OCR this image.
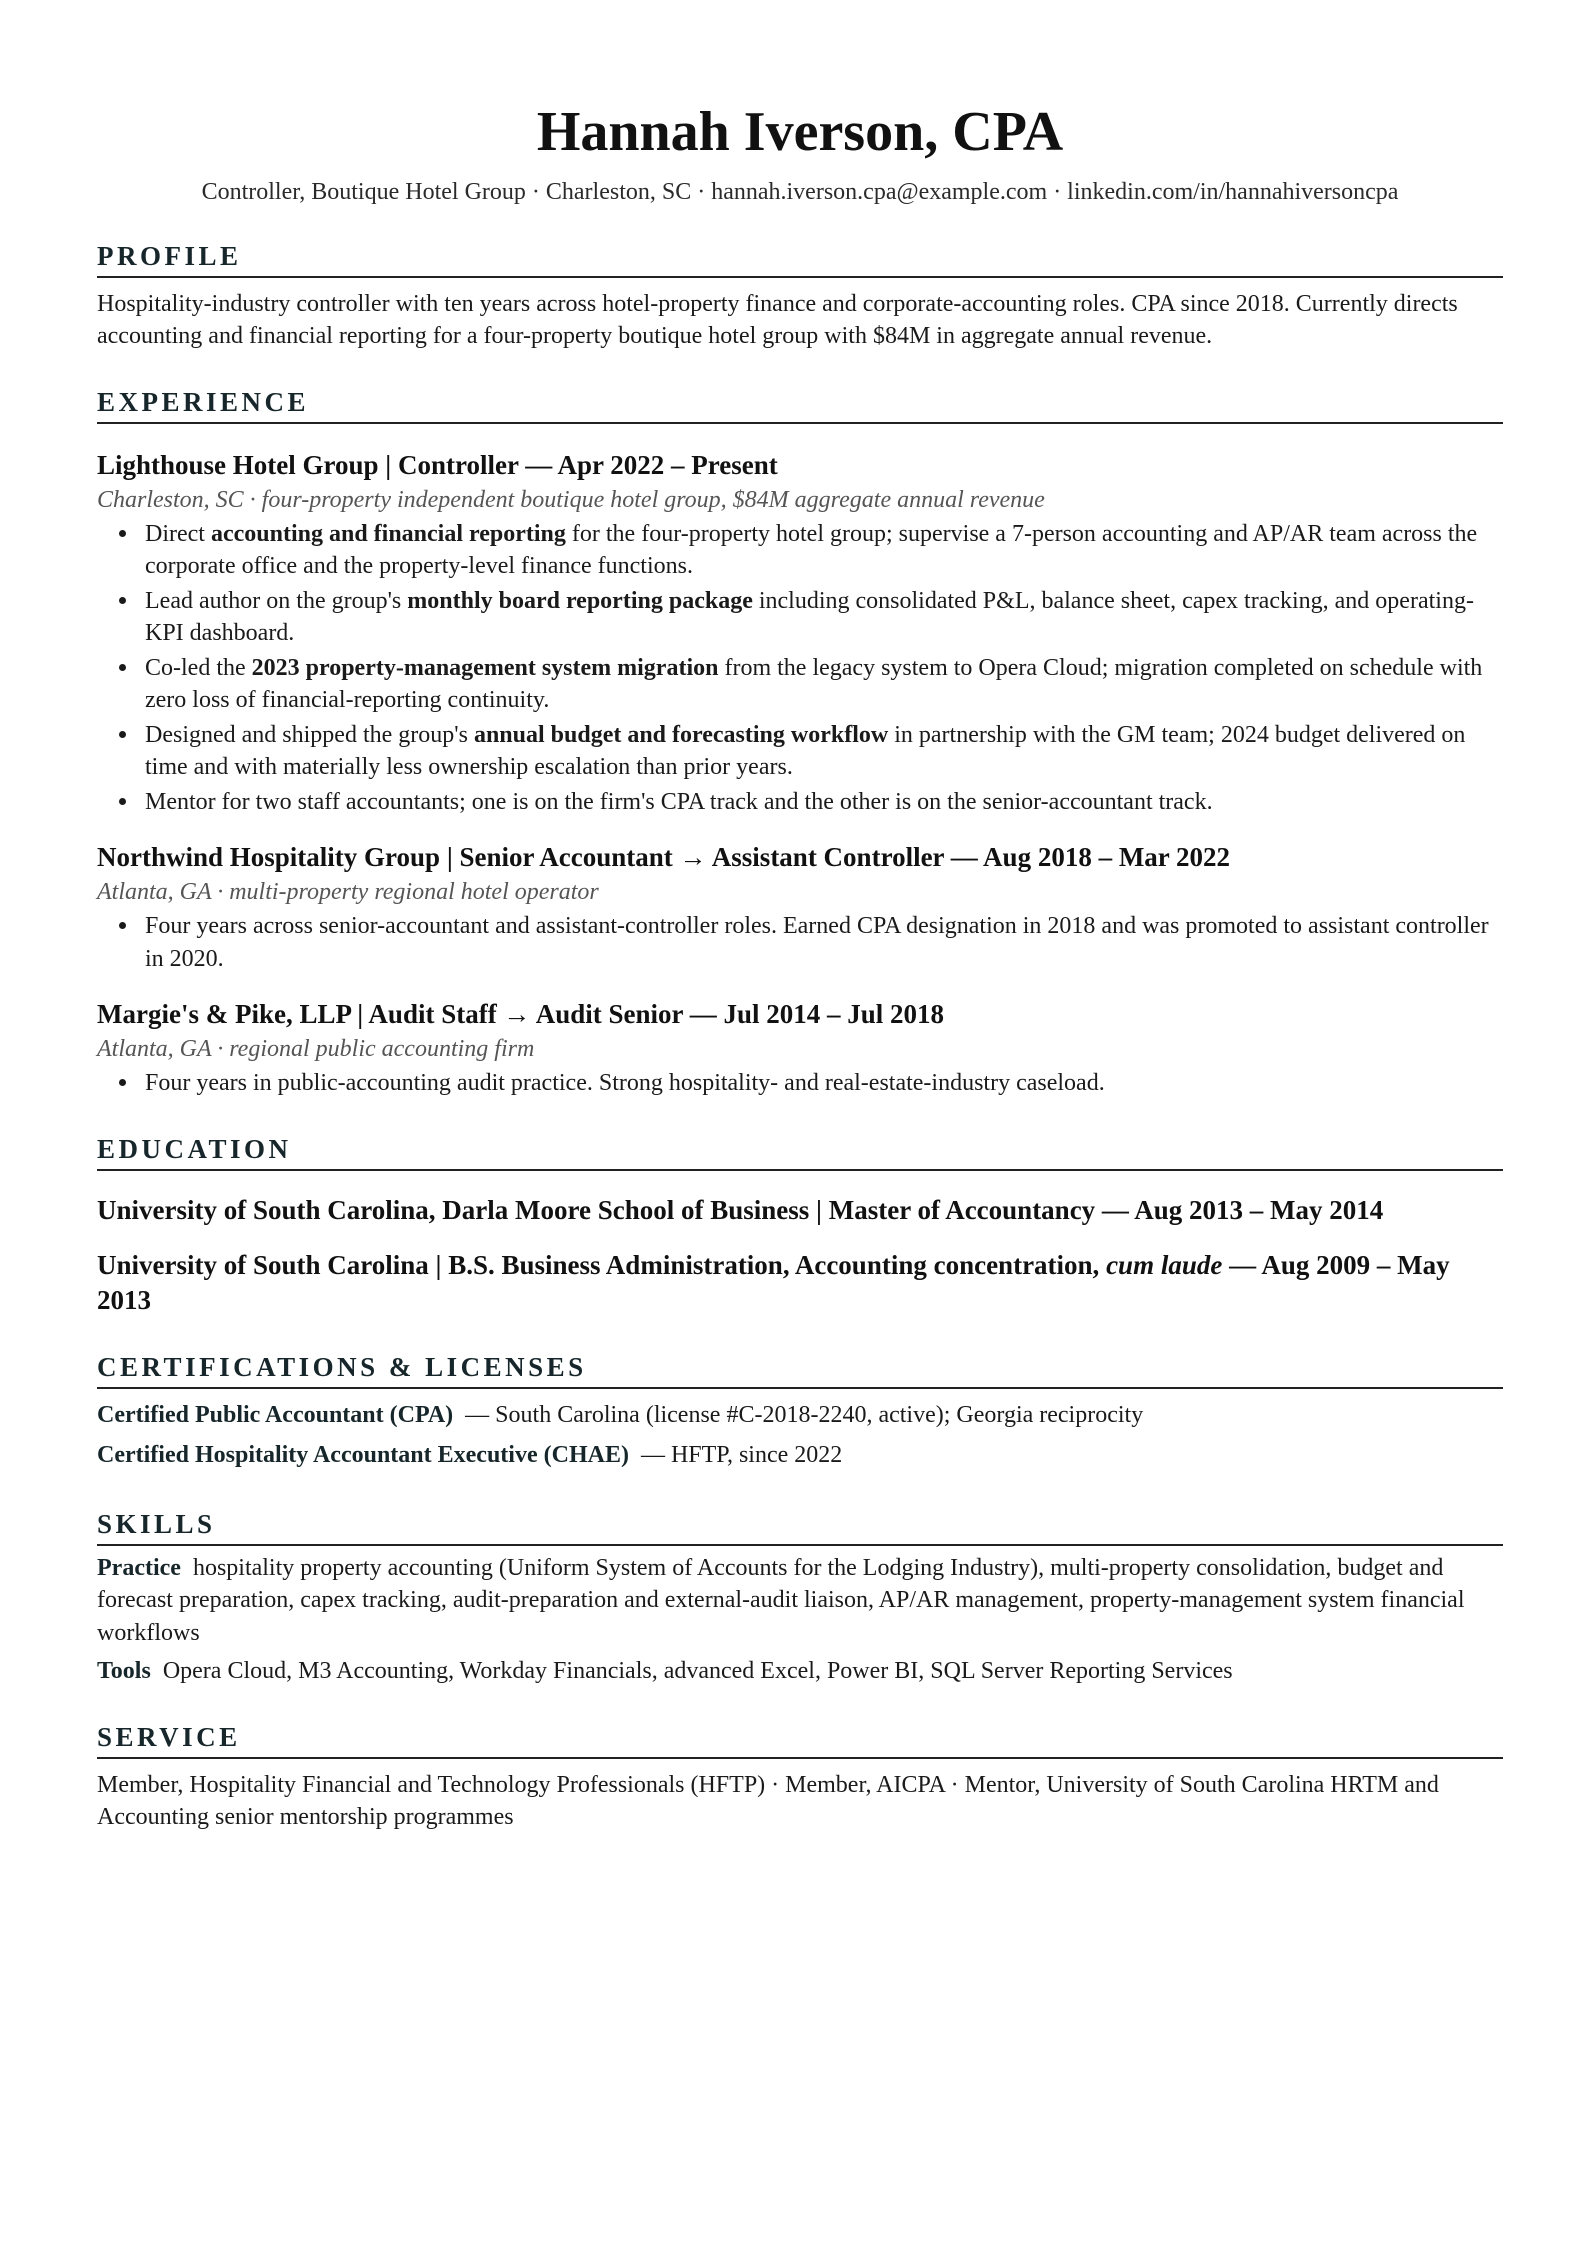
Hannah Iverson, CPA
Controller, Boutique Hotel Group · Charleston, SC · hannah.iverson.cpa@example.com · linkedin.com/in/hannahiversoncpa
PROFILE
Hospitality-industry controller with ten years across hotel-property finance and corporate-accounting roles. CPA since 2018. Currently directs accounting and financial reporting for a four-property boutique hotel group with $84M in aggregate annual revenue.
EXPERIENCE
Lighthouse Hotel Group | Controller — Apr 2022 – Present
Charleston, SC · four-property independent boutique hotel group, $84M aggregate annual revenue
Direct accounting and financial reporting for the four-property hotel group; supervise a 7-person accounting and AP/AR team across the corporate office and the property-level finance functions.
Lead author on the group's monthly board reporting package including consolidated P&L, balance sheet, capex tracking, and operating-KPI dashboard.
Co-led the 2023 property-management system migration from the legacy system to Opera Cloud; migration completed on schedule with zero loss of financial-reporting continuity.
Designed and shipped the group's annual budget and forecasting workflow in partnership with the GM team; 2024 budget delivered on time and with materially less ownership escalation than prior years.
Mentor for two staff accountants; one is on the firm's CPA track and the other is on the senior-accountant track.
Northwind Hospitality Group | Senior Accountant → Assistant Controller — Aug 2018 – Mar 2022
Atlanta, GA · multi-property regional hotel operator
Four years across senior-accountant and assistant-controller roles. Earned CPA designation in 2018 and was promoted to assistant controller in 2020.
Margie's & Pike, LLP | Audit Staff → Audit Senior — Jul 2014 – Jul 2018
Atlanta, GA · regional public accounting firm
Four years in public-accounting audit practice. Strong hospitality- and real-estate-industry caseload.
EDUCATION
University of South Carolina, Darla Moore School of Business | Master of Accountancy — Aug 2013 – May 2014
University of South Carolina | B.S. Business Administration, Accounting concentration, cum laude — Aug 2009 – May 2013
CERTIFICATIONS & LICENSES
Certified Public Accountant (CPA) — South Carolina (license #C-2018-2240, active); Georgia reciprocity
Certified Hospitality Accountant Executive (CHAE) — HFTP, since 2022
SKILLS
Practice hospitality property accounting (Uniform System of Accounts for the Lodging Industry), multi-property consolidation, budget and forecast preparation, capex tracking, audit-preparation and external-audit liaison, AP/AR management, property-management system financial workflows
Tools Opera Cloud, M3 Accounting, Workday Financials, advanced Excel, Power BI, SQL Server Reporting Services
SERVICE
Member, Hospitality Financial and Technology Professionals (HFTP) · Member, AICPA · Mentor, University of South Carolina HRTM and Accounting senior mentorship programmes
